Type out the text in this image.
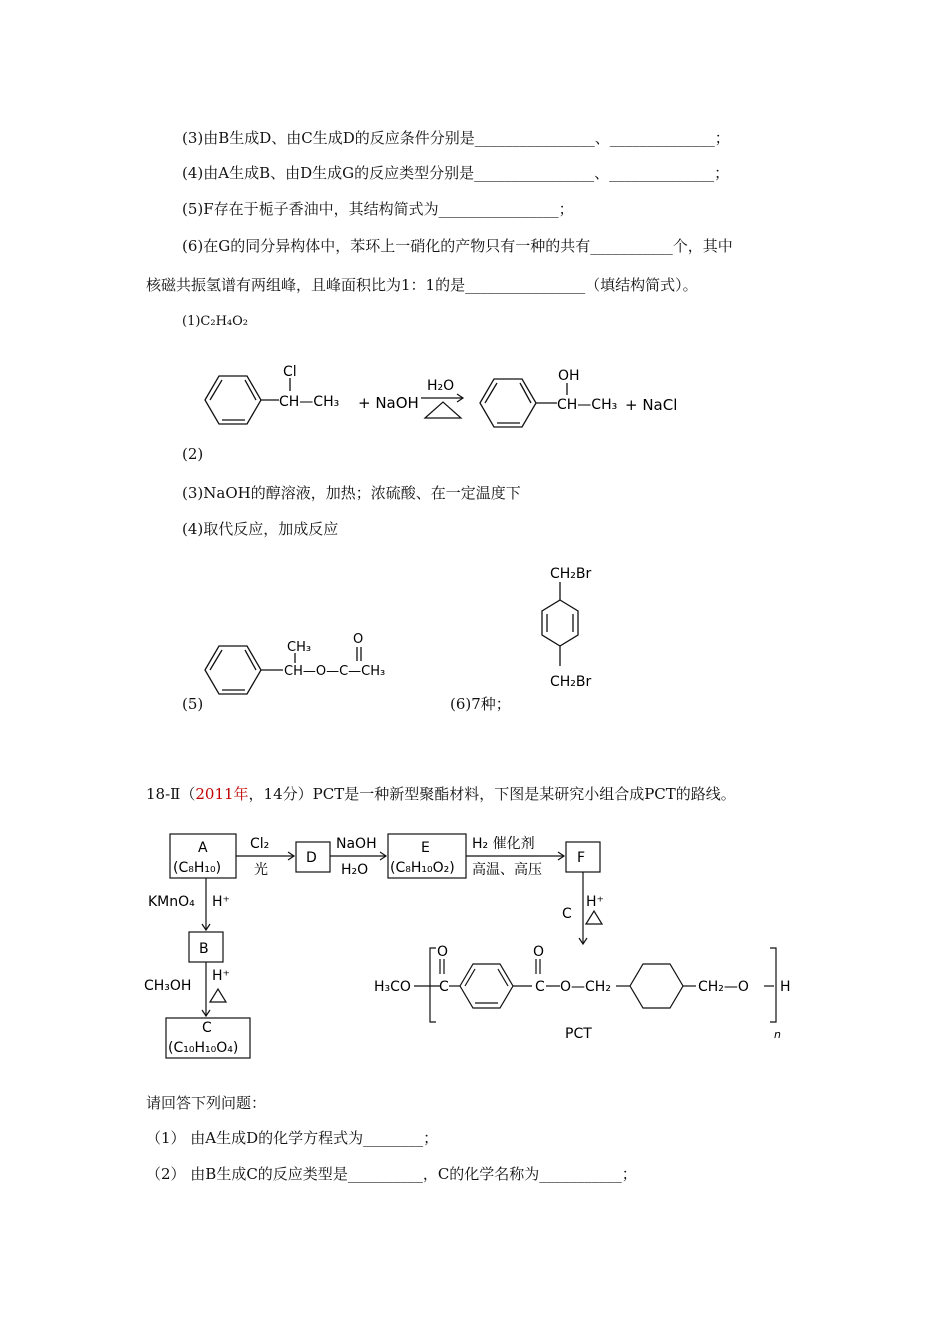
(3)由B生成D、由C生成D的反应条件分别是________________、______________；
(4)由A生成B、由D生成G的反应类型分别是________________、______________；
(5)F存在于栀子香油中，其结构简式为________________；
(6)在G的同分异构体中，苯环上一硝化的产物只有一种的共有___________个，其中
核磁共振氢谱有两组峰，且峰面积比为1：1的是________________（填结构简式）。
(1)C₂H₄O₂
Cl
CH—CH₃ + NaOH
H₂O
OH
CH—CH₃ + NaCl
(2)
(3)NaOH的醇溶液，加热；浓硫酸、在一定温度下
(4)取代反应，加成反应
CH₃
O
CH—O—C—CH₃
CH₂Br
CH₂Br
(5)	(6)7种；
18-Ⅱ（2011年，14分）PCT是一种新型聚酯材料，下图是某研究小组合成PCT的路线。
A
(C₈H₁₀)
Cl₂
光
D
NaOH
H₂O
E
(C₈H₁₀O₂)
H₂ 催化剂
高温、高压
F
KMnO₄ H⁺
B
CH₃OH
H⁺
C
(C₁₀H₁₀O₄)
C
H⁺
H₃CO
O
C
O
C O—CH₂	CH₂—O H
n
PCT
请回答下列问题：
（1） 由A生成D的化学方程式为________；
（2） 由B生成C的反应类型是__________，C的化学名称为___________；
